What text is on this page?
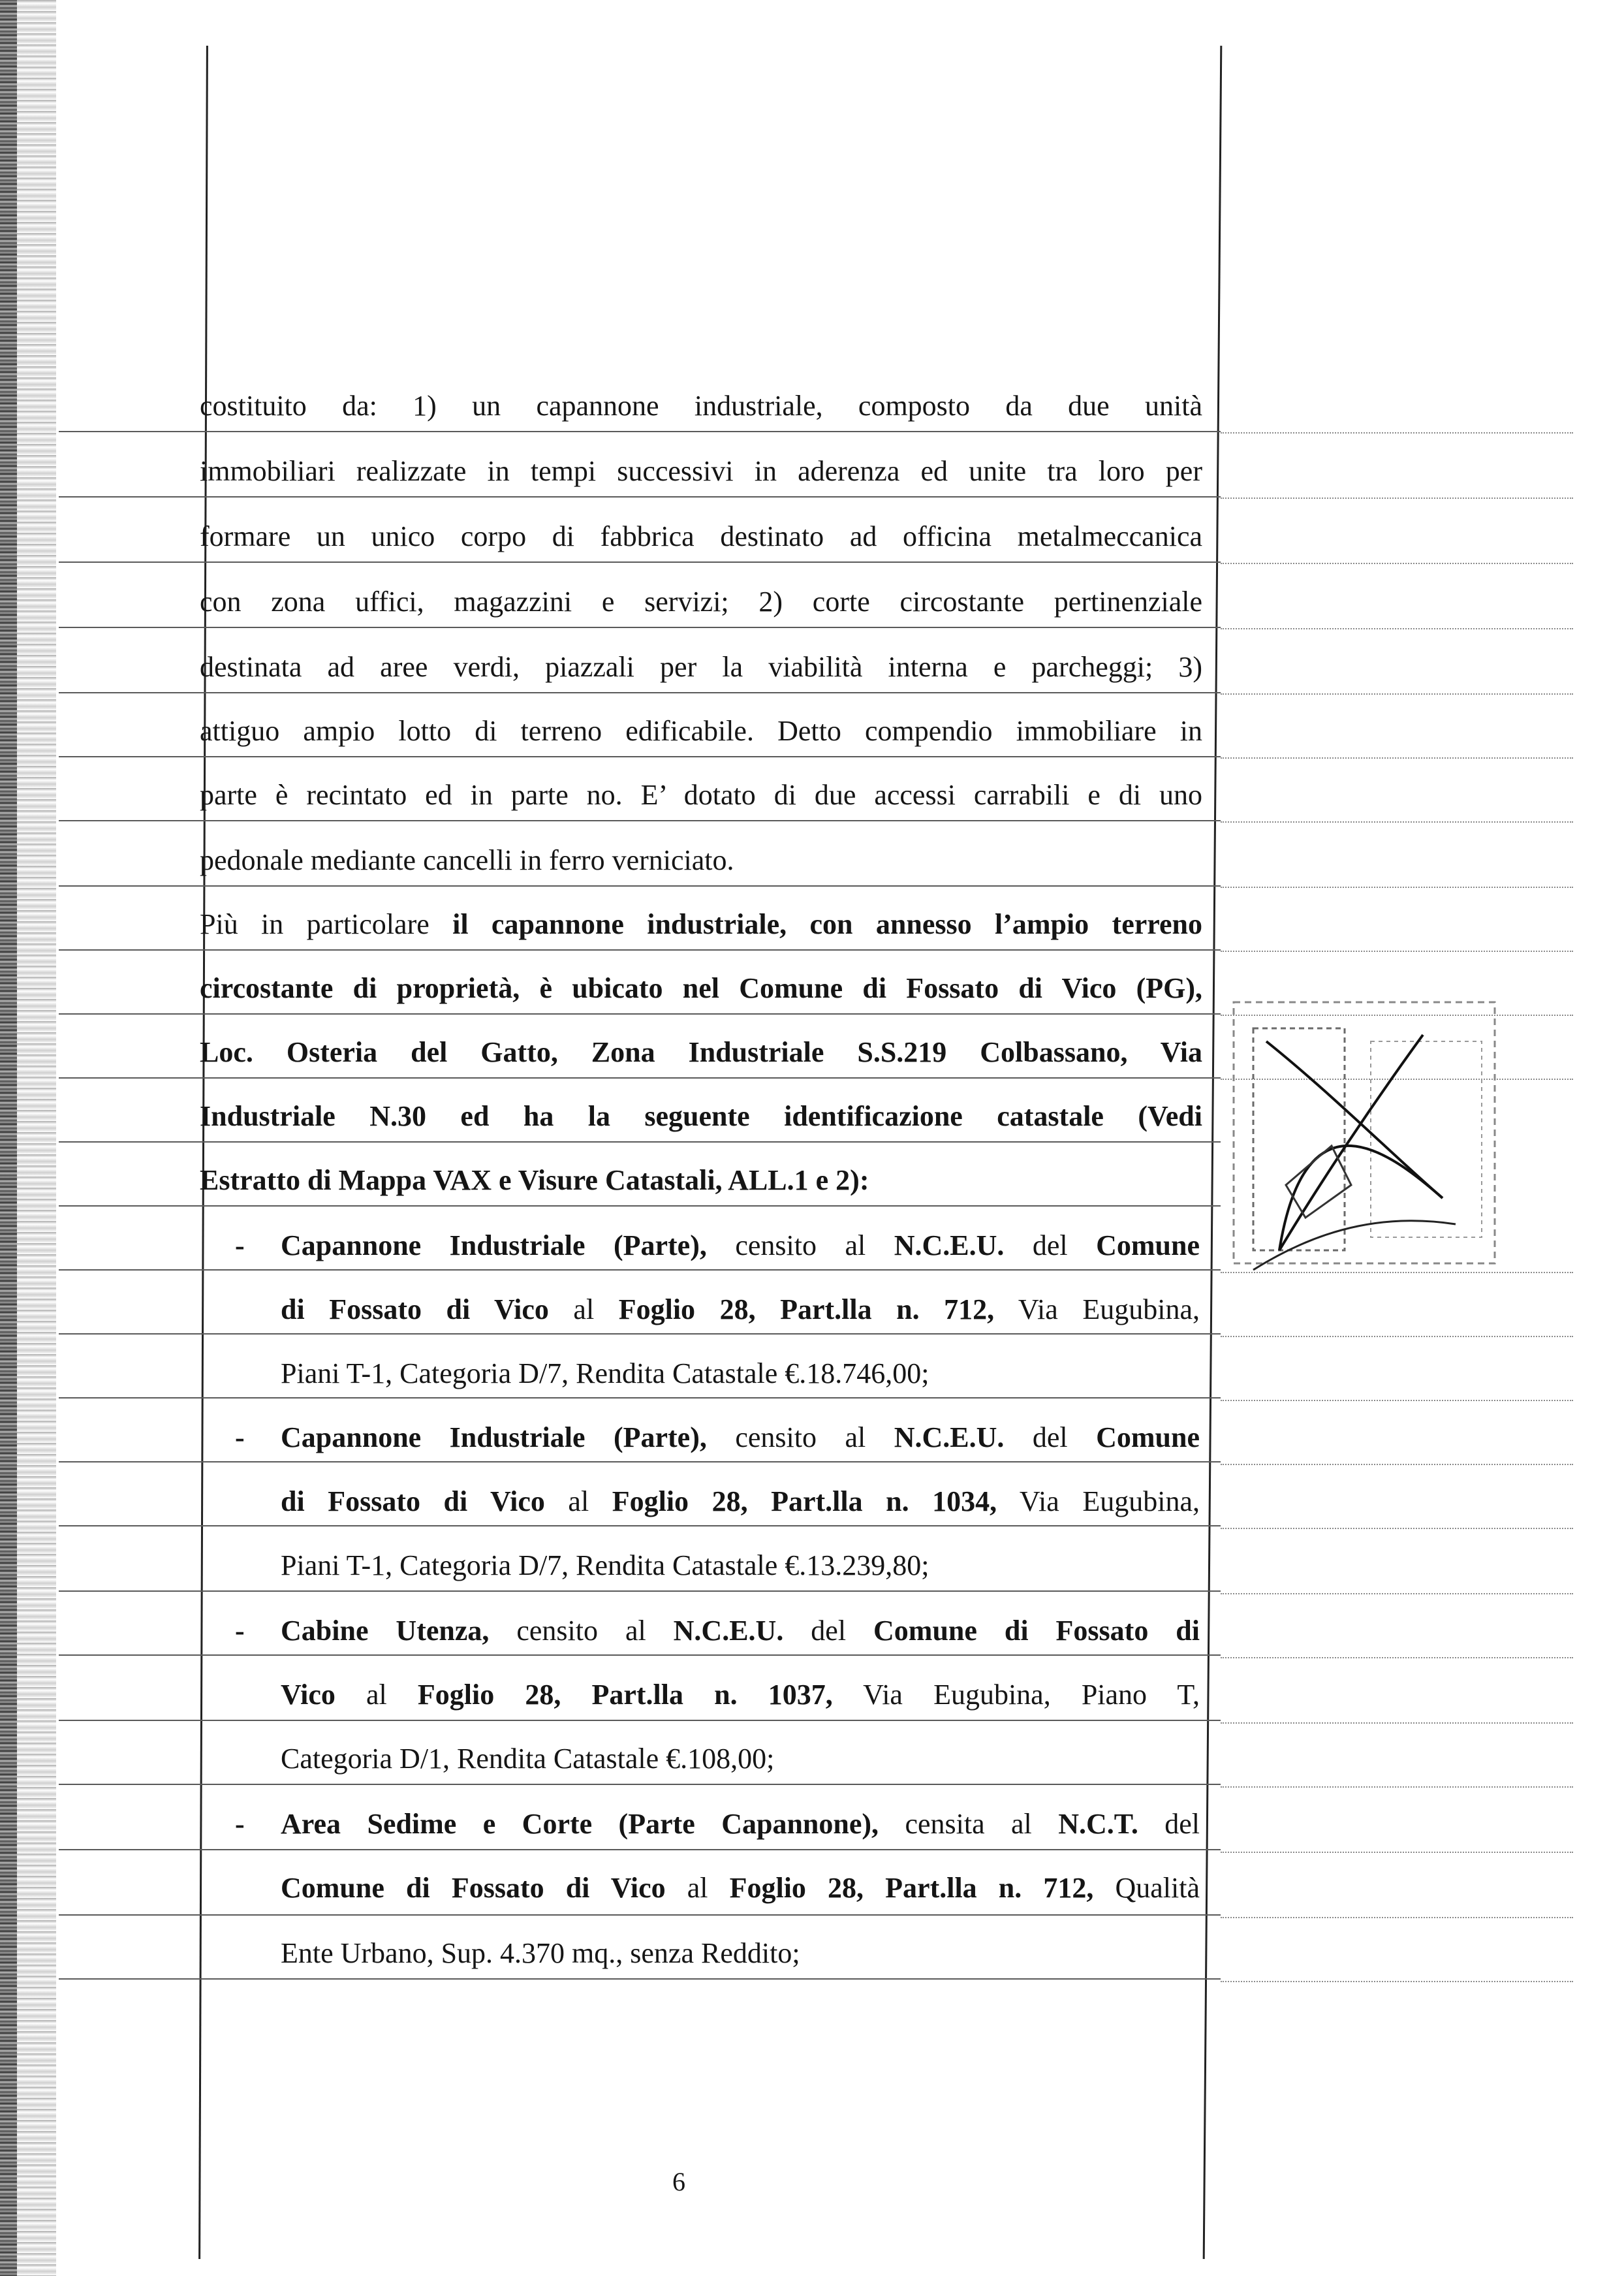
costituito da: 1) un capannone industriale, composto da due unità
immobiliari realizzate in tempi successivi in aderenza ed unite tra loro per
formare un unico corpo di fabbrica destinato ad officina metalmeccanica
con zona uffici, magazzini e servizi; 2) corte circostante pertinenziale
destinata ad aree verdi, piazzali per la viabilità interna e parcheggi; 3)
attiguo ampio lotto di terreno edificabile. Detto compendio immobiliare in
parte è recintato ed in parte no. E’ dotato di due accessi carrabili e di uno
pedonale mediante cancelli in ferro verniciato.
Più in particolare il capannone industriale, con annesso l’ampio terreno
circostante di proprietà, è ubicato nel Comune di Fossato di Vico (PG),
Loc. Osteria del Gatto, Zona Industriale S.S.219 Colbassano, Via
Industriale N.30 ed ha la seguente identificazione catastale (Vedi
Estratto di Mappa VAX e Visure Catastali, ALL.1 e 2):
- Capannone Industriale (Parte), censito al N.C.E.U. del Comune
di Fossato di Vico al Foglio 28, Part.lla n. 712, Via Eugubina,
Piani T-1, Categoria D/7, Rendita Catastale €.18.746,00;
- Capannone Industriale (Parte), censito al N.C.E.U. del Comune
di Fossato di Vico al Foglio 28, Part.lla n. 1034, Via Eugubina,
Piani T-1, Categoria D/7, Rendita Catastale €.13.239,80;
- Cabine Utenza, censito al N.C.E.U. del Comune di Fossato di
Vico al Foglio 28, Part.lla n. 1037, Via Eugubina, Piano T,
Categoria D/1, Rendita Catastale €.108,00;
- Area Sedime e Corte (Parte Capannone), censita al N.C.T. del
Comune di Fossato di Vico al Foglio 28, Part.lla n. 712, Qualità
Ente Urbano, Sup. 4.370 mq., senza Reddito;
6
